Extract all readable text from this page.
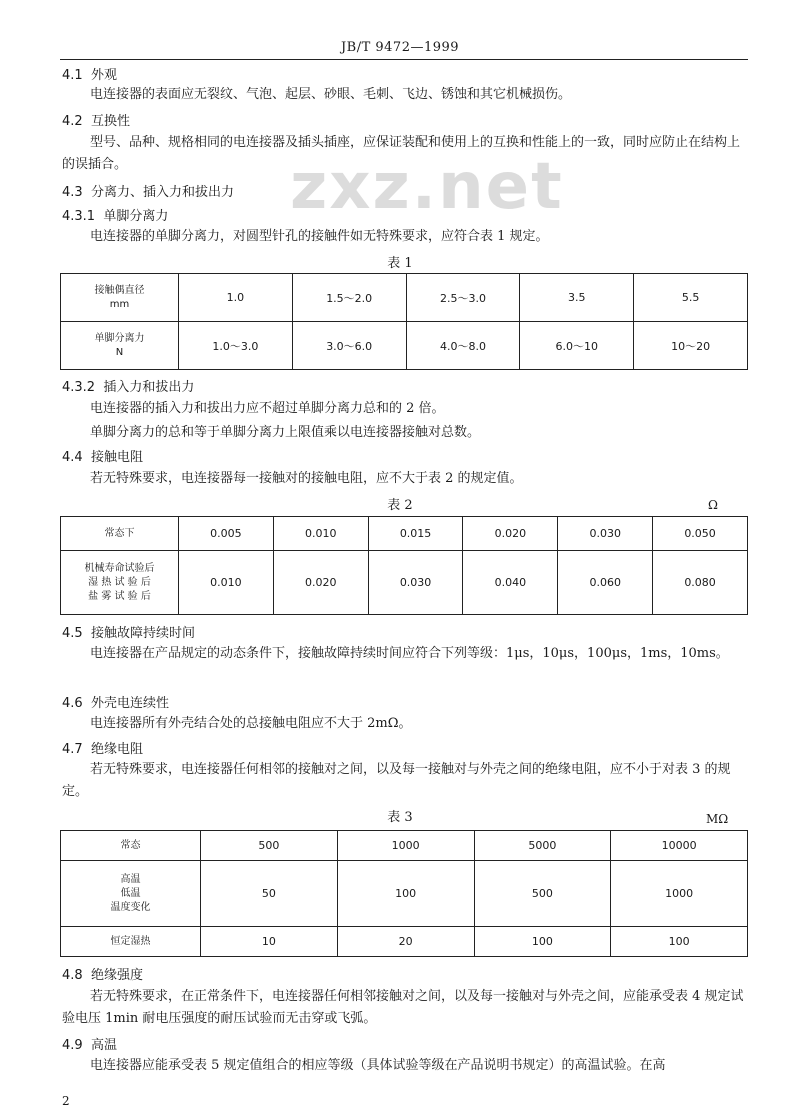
JB/T 9472—1999
zxz.net
4.1 外观
电连接器的表面应无裂纹、气泡、起层、砂眼、毛刺、飞边、锈蚀和其它机械损伤。
4.2 互换性
型号、品种、规格相同的电连接器及插头插座，应保证装配和使用上的互换和性能上的一致，同时应防止在结构上的误插合。
4.3 分离力、插入力和拔出力
4.3.1 单脚分离力
电连接器的单脚分离力，对圆型针孔的接触件如无特殊要求，应符合表 1 规定。
表 1
接触偶直径
mm	1.0	1.5～2.0	2.5～3.0	3.5	5.5
单脚分离力
N	1.0～3.0	3.0～6.0	4.0～8.0	6.0～10	10～20
4.3.2 插入力和拔出力
电连接器的插入力和拔出力应不超过单脚分离力总和的 2 倍。
单脚分离力的总和等于单脚分离力上限值乘以电连接器接触对总数。
4.4 接触电阻
若无特殊要求，电连接器每一接触对的接触电阻，应不大于表 2 的规定值。
表 2	Ω
常态下	0.005	0.010	0.015	0.020	0.030	0.050
机械寿命试验后
湿 热 试 验 后
盐 雾 试 验 后	0.010	0.020	0.030	0.040	0.060	0.080
4.5 接触故障持续时间
电连接器在产品规定的动态条件下，接触故障持续时间应符合下列等级：1μs，10μs，100μs，1ms，10ms。
4.6 外壳电连续性
电连接器所有外壳结合处的总接触电阻应不大于 2mΩ。
4.7 绝缘电阻
若无特殊要求，电连接器任何相邻的接触对之间，以及每一接触对与外壳之间的绝缘电阻，应不小于对表 3 的规定。
表 3	MΩ
常态	500	1000	5000	10000
高温
低温
温度变化	50	100	500	1000
恒定湿热	10	20	100	100
4.8 绝缘强度
若无特殊要求，在正常条件下，电连接器任何相邻接触对之间，以及每一接触对与外壳之间，应能承受表 4 规定试验电压 1min 耐电压强度的耐压试验而无击穿或飞弧。
4.9 高温
电连接器应能承受表 5 规定值组合的相应等级（具体试验等级在产品说明书规定）的高温试验。在高
2
